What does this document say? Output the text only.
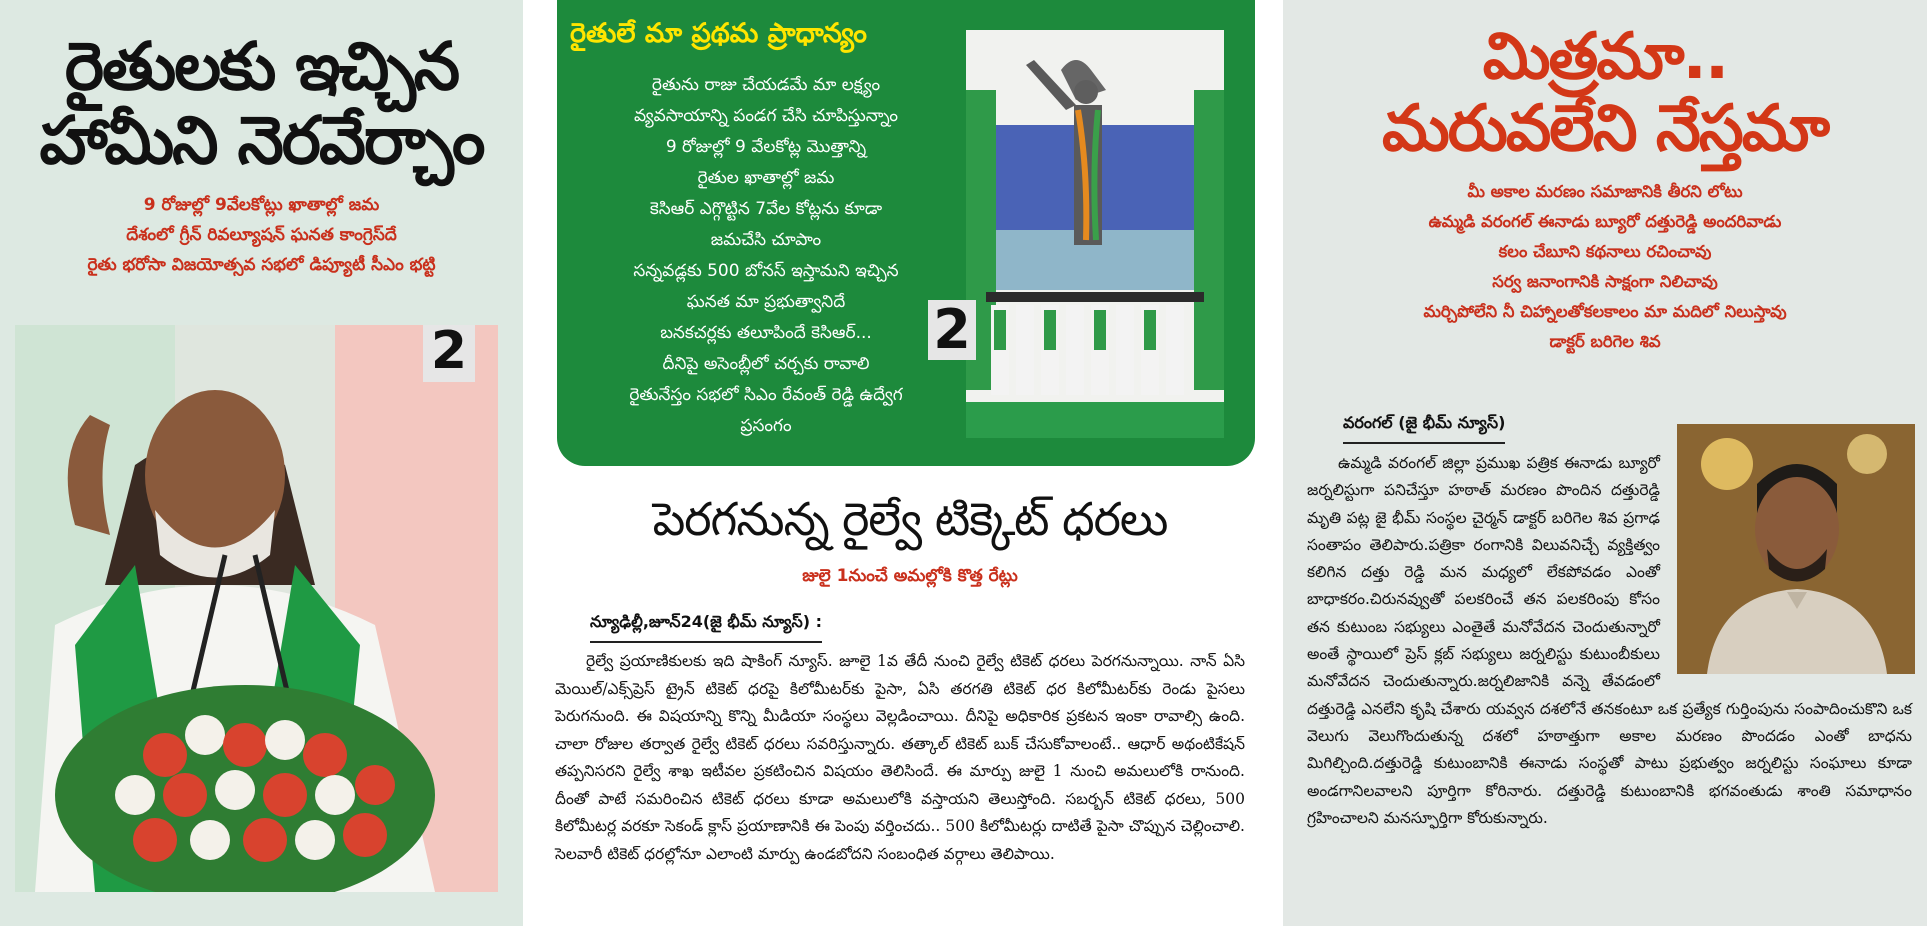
రైతులకు ఇచ్చిన
హామీని నెరవేర్చాం
9 రోజుల్లో 9వేలకోట్లు ఖాతాల్లో జమ
దేశంలో గ్రీన్ రివల్యూషన్ ఘనత కాంగ్రెస్‌దే
రైతు భరోసా విజయోత్సవ సభలో డిప్యూటీ సీఎం భట్టి
2
రైతులే మా ప్రథమ ప్రాధాన్యం
రైతును రాజు చేయడమే మా లక్ష్యం
వ్యవసాయాన్ని పండగ చేసి చూపిస్తున్నాం
9 రోజుల్లో 9 వేలకోట్ల మొత్తాన్ని
రైతుల ఖాతాల్లో జమ
కెసిఆర్ ఎగ్గొట్టిన 7వేల కోట్లను కూడా
జమచేసి చూపాం
సన్నవడ్లకు 500 బోనస్ ఇస్తామని ఇచ్చిన
ఘనత మా ప్రభుత్వానిదే
బనకచర్లకు తలూపిందే కెసిఆర్...
దీనిపై అసెంబ్లీలో చర్చకు రావాలి
రైతునేస్తం సభలో సిఎం రేవంత్ రెడ్డి ఉద్వేగ
ప్రసంగం
2
పెరగనున్న రైల్వే టిక్కెట్ ధరలు
జులై 1నుంచే అమల్లోకి కొత్త రేట్లు
న్యూఢిల్లీ,జూన్24(జై భీమ్ న్యూస్) :

రైల్వే ప్రయాణికులకు ఇది షాకింగ్ న్యూస్. జూలై 1వ తేదీ నుంచి రైల్వే టికెట్ ధరలు పెరగనున్నాయి. నాన్ ఏసి మెయిల్/ఎక్స్‌ప్రెస్ ట్రైన్ టికెట్ ధర‌పై కిలోమీటర్‌కు పైసా, ఏసి తరగతి టికెట్ ధర కిలోమీటర్‌కు రెండు పైసలు పెరుగనుంది. ఈ విషయాన్ని కొన్ని మీడియా సంస్థలు వెల్లడించాయి. దీనిపై అధికారిక ప్రకటన ఇంకా రావాల్సి ఉంది. చాలా రోజుల తర్వాత రైల్వే టికెట్ ధరలు సవరిస్తున్నారు. తత్కాల్ టికెట్ బుక్ చేసుకోవాలంటే.. ఆధార్ అథంటికేషన్ తప్పనిసరని రైల్వే శాఖ ఇటీవల ప్రకటించిన విషయం తెలిసిందే. ఈ మార్పు జులై 1 నుంచి అమలులోకి రానుంది. దీంతో పాటే సమరించిన టికెట్ ధరలు కూడా అమలులోకి వస్తాయని తెలుస్తోంది. సబర్బన్ టికెట్ ధరలు, 500 కిలోమీటర్ల వరకూ సెకండ్ క్లాస్ ప్రయాణానికి ఈ పెంపు వర్తించదు.. 500 కిలోమీటర్లు దాటితే పైసా చొప్పున చెల్లించాలి. సెలవారీ టికెట్ ధరల్లోనూ ఎలాంటి మార్పు ఉండబోదని సంబంధిత వర్గాలు తెలిపాయి.

మిత్రమా..
మరువలేని నేస్తమా
మీ అకాల మరణం సమాజానికి తీరని లోటు
ఉమ్మడి వరంగల్ ఈనాడు బ్యూరో దత్తురెడ్డి అందరివాడు
కలం చేబూని కథనాలు రచించావు
సర్వ జనాంగానికి సాక్షంగా నిలిచావు
మర్చిపోలేని నీ చిహ్నాలతోకలకాలం మా మదిలో నిలుస్తావు
డాక్టర్ బరిగెల శివ
వరంగల్ (జై భీమ్ న్యూస్)

ఉమ్మడి వరంగల్ జిల్లా ప్రముఖ పత్రిక ఈనాడు బ్యూరో జర్నలిస్టుగా పనిచేస్తూ హఠాత్ మరణం పొందిన దత్తురెడ్డి మృతి పట్ల జై భీమ్ సంస్థల చైర్మన్ డాక్టర్ బరిగెల శివ ప్రగాఢ సంతాపం తెలిపారు.పత్రికా రంగానికి విలువనిచ్చే వ్యక్తిత్వం కలిగిన దత్తు రెడ్డి మన మధ్యలో లేకపోవడం ఎంతో బాధాకరం.చిరునవ్వుతో పలకరించే తన పలకరింపు కోసం తన కుటుంబ సభ్యులు ఎంతైతే మనోవేదన చెందుతున్నారో అంతే స్థాయిలో ప్రెస్ క్లబ్ సభ్యులు జర్నలిస్టు కుటుంబీకులు మనోవేదన చెందుతున్నారు.జర్నలిజానికి వన్నె తేవడంలో దత్తురెడ్డి ఎనలేని కృషి చేశారు యవ్వన దశలోనే తనకంటూ ఒక ప్రత్యేక గుర్తింపును సంపాదించుకొని ఒక వెలుగు వెలుగొందుతున్న దశలో హఠాత్తుగా అకాల మరణం పొందడం ఎంతో బాధను మిగిల్చింది.దత్తురెడ్డి కుటుంబానికి ఈనాడు సంస్థతో పాటు ప్రభుత్వం జర్నలిస్టు సంఘాలు కూడా అండగానిలవాలని పూర్తిగా కోరినారు. దత్తురెడ్డి కుటుంబానికి భగవంతుడు శాంతి సమాధానం గ్రహించాలని మనస్ఫూర్తిగా కోరుకున్నారు.
